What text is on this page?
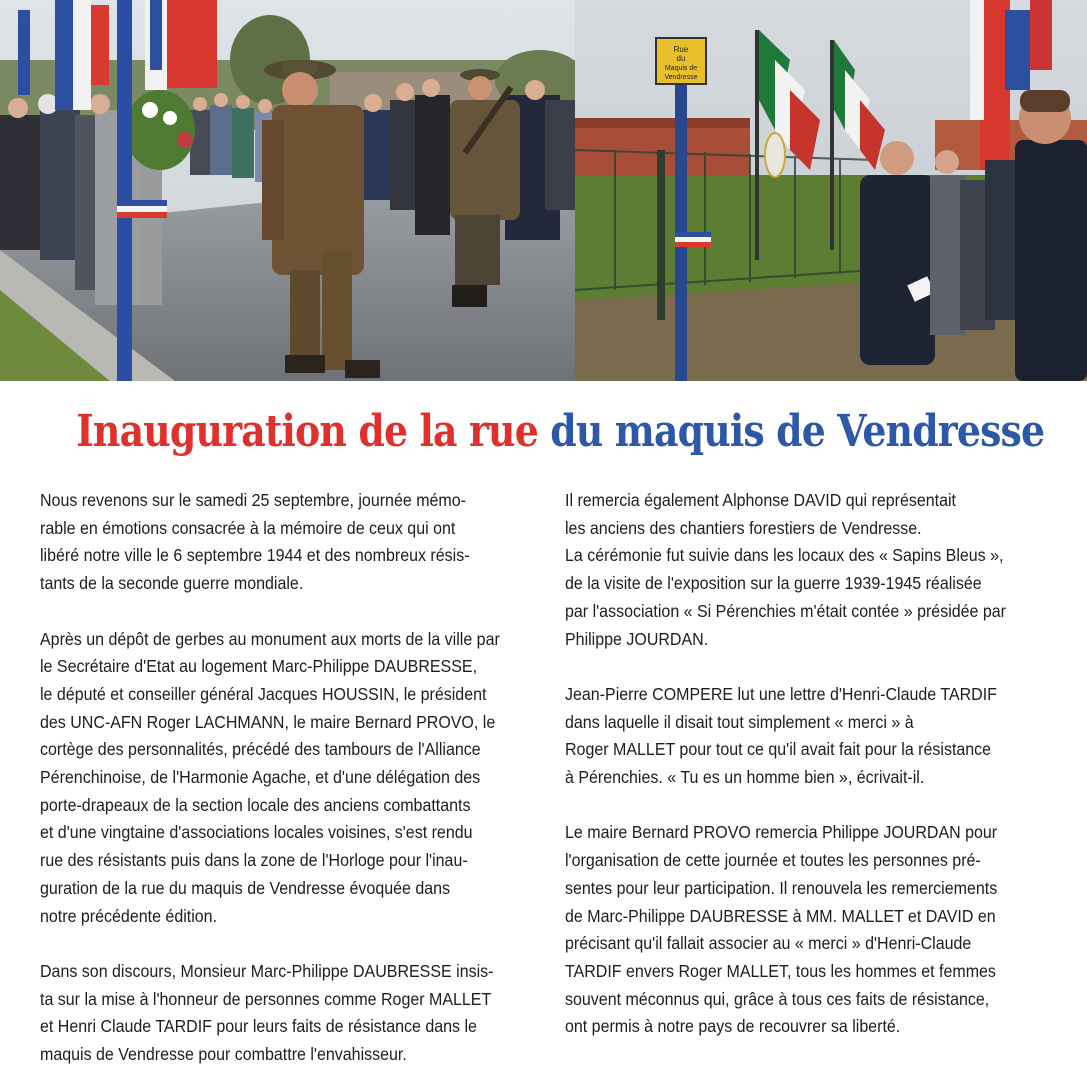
Rue
du
Maquis de
Vendresse
Inauguration de la rue du maquis de Vendresse

Nous revenons sur le samedi 25 septembre, journée mémo-
rable en émotions consacrée à la mémoire de ceux qui ont
libéré notre ville le 6 septembre 1944 et des nombreux résis-
tants de la seconde guerre mondiale.

Après un dépôt de gerbes au monument aux morts de la ville par
le Secrétaire d'Etat au logement Marc-Philippe DAUBRESSE,
le député et conseiller général Jacques HOUSSIN, le président
des UNC-AFN Roger LACHMANN, le maire Bernard PROVO, le
cortège des personnalités, précédé des tambours de l'Alliance
Pérenchinoise, de l'Harmonie Agache, et d'une délégation des
porte-drapeaux de la section locale des anciens combattants
et d'une vingtaine d'associations locales voisines, s'est rendu
rue des résistants puis dans la zone de l'Horloge pour l'inau-
guration de la rue du maquis de Vendresse évoquée dans
notre précédente édition.

Dans son discours, Monsieur Marc-Philippe DAUBRESSE insis-
ta sur la mise à l'honneur de personnes comme Roger MALLET
et Henri Claude TARDIF pour leurs faits de résistance dans le
maquis de Vendresse pour combattre l'envahisseur.

Il remercia également Alphonse DAVID qui représentait
les anciens des chantiers forestiers de Vendresse.
La cérémonie fut suivie dans les locaux des « Sapins Bleus »,
de la visite de l'exposition sur la guerre 1939-1945 réalisée
par l'association « Si Pérenchies m'était contée » présidée par
Philippe JOURDAN.

Jean-Pierre COMPERE lut une lettre d'Henri-Claude TARDIF
dans laquelle il disait tout simplement « merci » à
Roger MALLET pour tout ce qu'il avait fait pour la résistance
à Pérenchies. « Tu es un homme bien », écrivait-il.

Le maire Bernard PROVO remercia Philippe JOURDAN pour
l'organisation de cette journée et toutes les personnes pré-
sentes pour leur participation. Il renouvela les remerciements
de Marc-Philippe DAUBRESSE à MM. MALLET et DAVID en
précisant qu'il fallait associer au « merci » d'Henri-Claude
TARDIF envers Roger MALLET, tous les hommes et femmes
souvent méconnus qui, grâce à tous ces faits de résistance,
ont permis à notre pays de recouvrer sa liberté.
